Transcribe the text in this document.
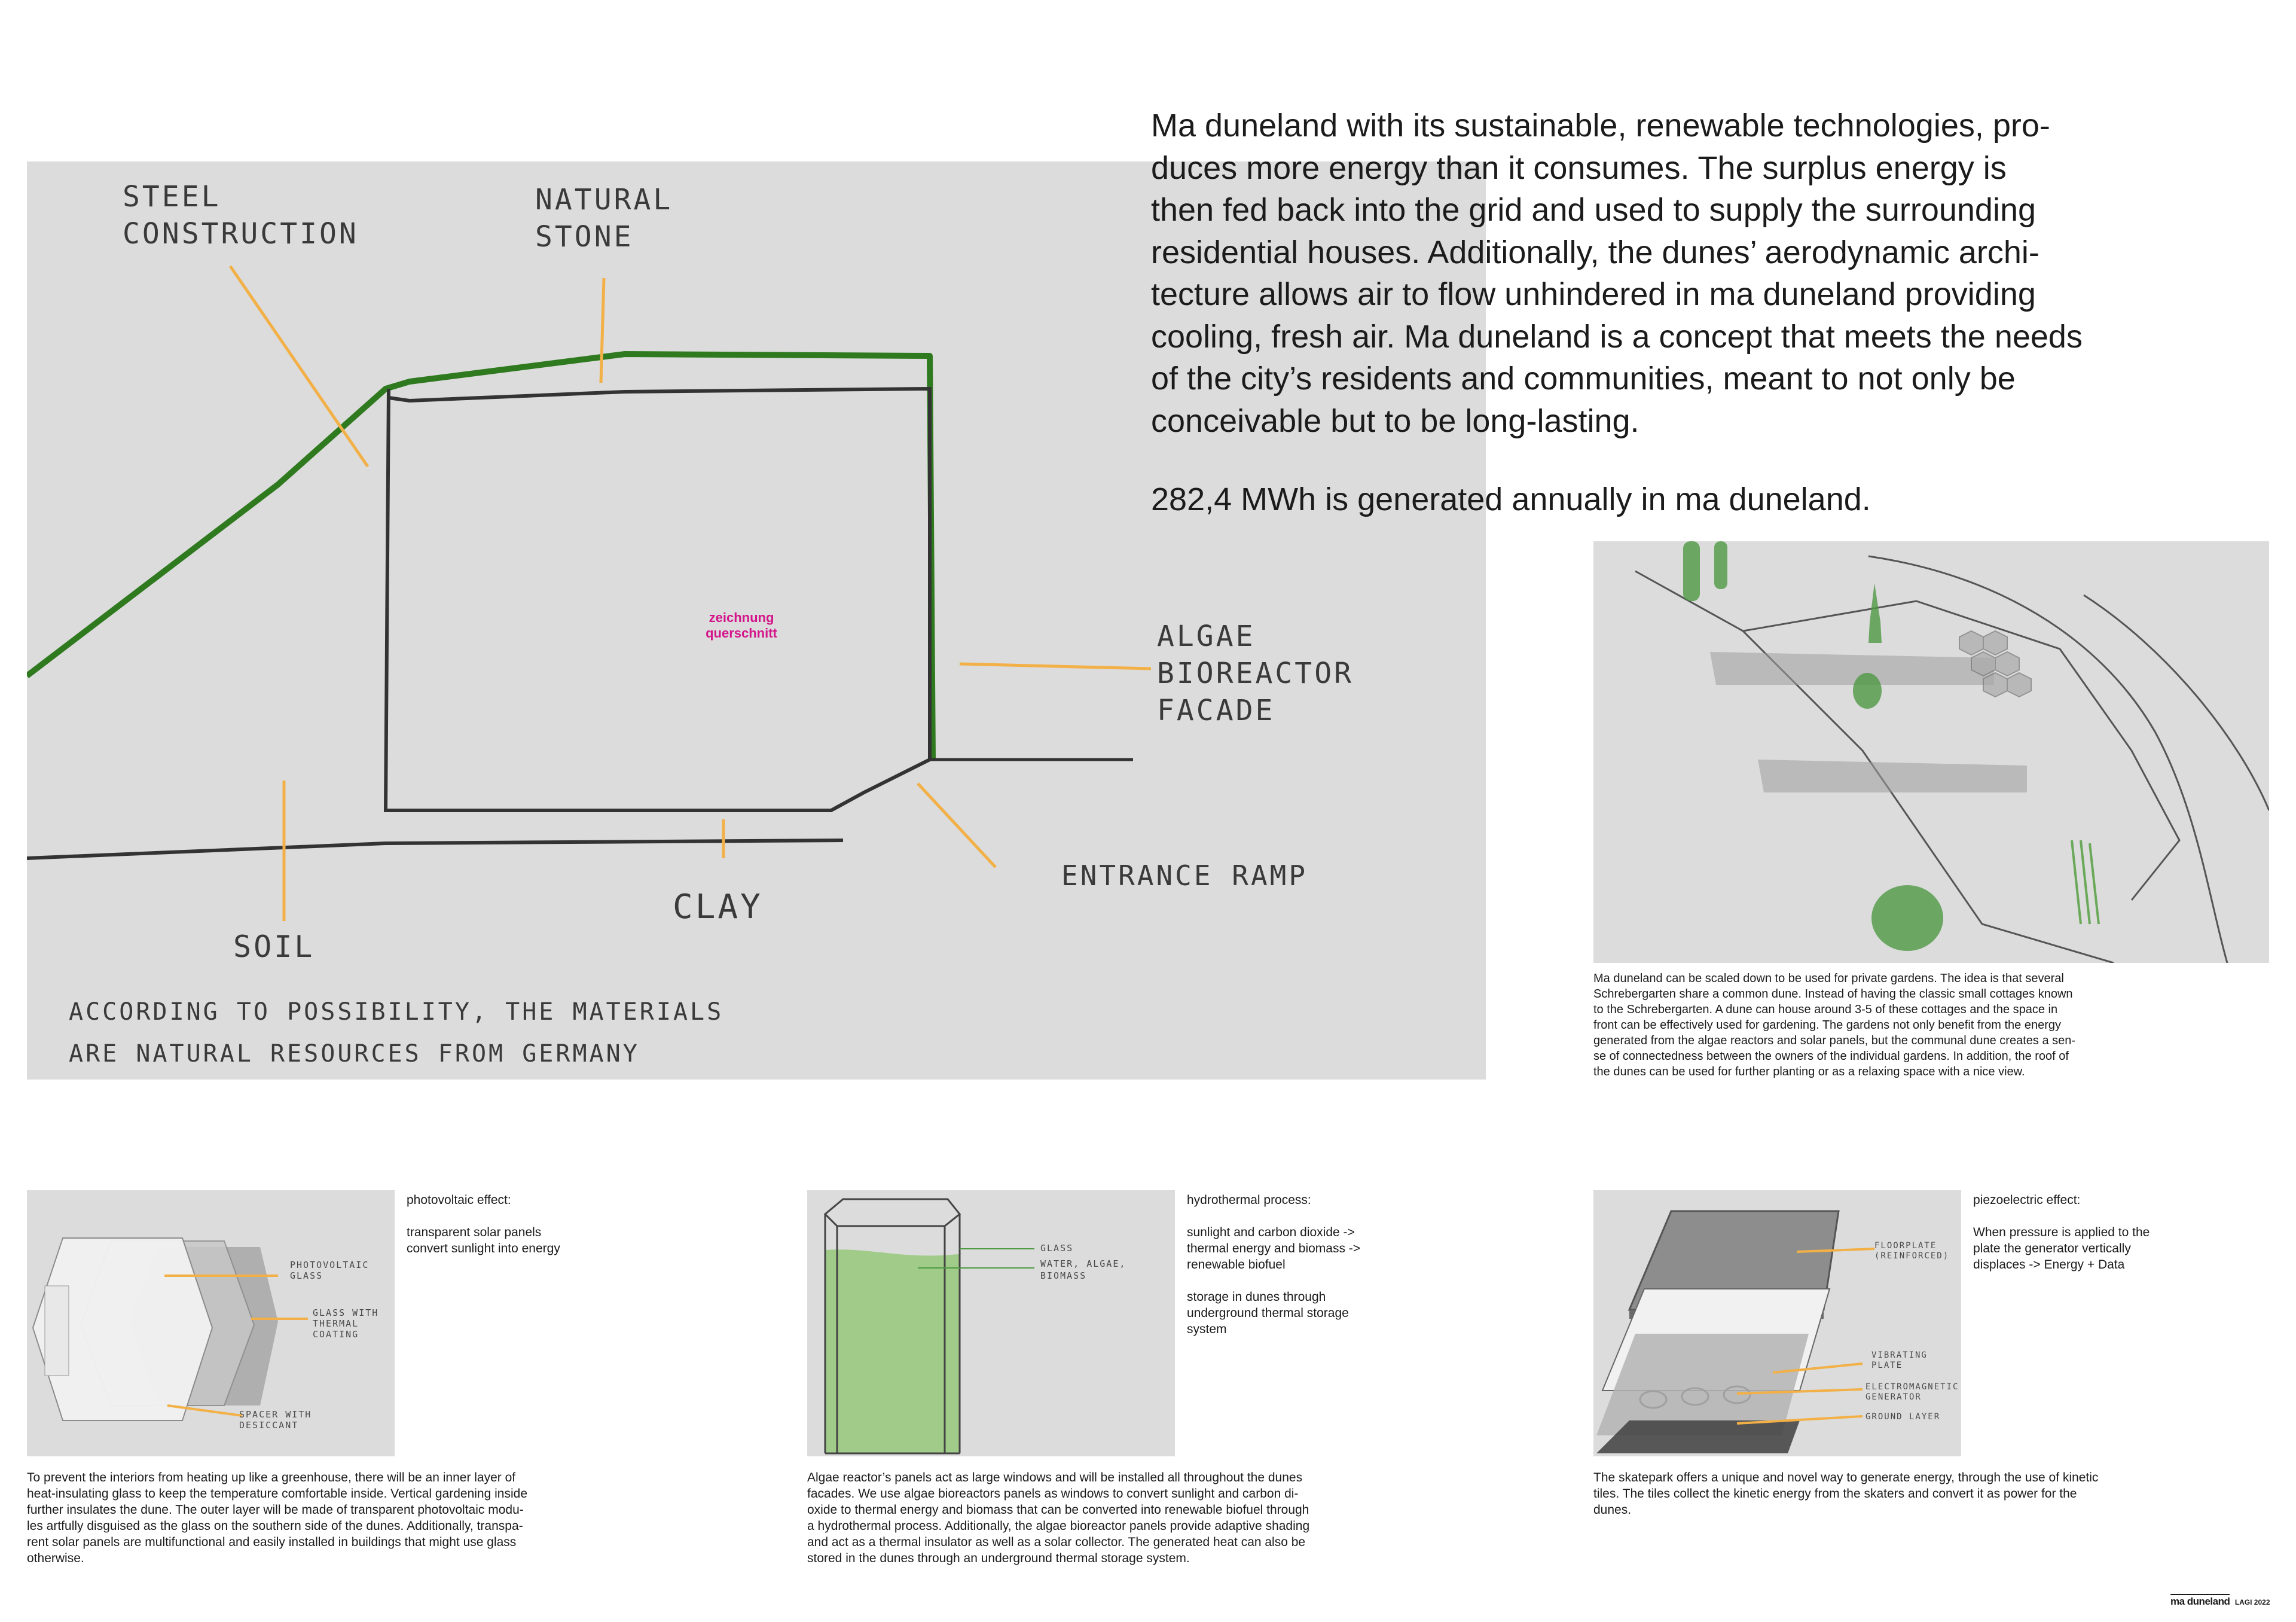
STEEL CONSTRUCTION
NATURAL STONE
ALGAE BIOREACTOR FACADE
ENTRANCE RAMP
SOIL
CLAY
ACCORDING TO POSSIBILITY, THE MATERIALS
ARE NATURAL RESOURCES FROM GERMANY
zeichnung
querschnitt

Ma duneland with its sustainable, renewable technologies, pro-
duces more energy than it consumes. The surplus energy is
then fed back into the grid and used to supply the surrounding
residential houses. Additionally, the dunes’ aerodynamic archi-
tecture allows air to flow unhindered in ma duneland providing
cooling, fresh air. Ma duneland is a concept that meets the needs
of the city’s residents and communities, meant to not only be
conceivable but to be long-lasting.

282,4 MWh is generated annually in ma duneland.

Ma duneland can be scaled down to be used for private gardens. The idea is that several
Schrebergarten share a common dune. Instead of having the classic small cottages known
to the Schrebergarten. A dune can house around 3-5 of these cottages and the space in
front can be effectively used for gardening. The gardens not only benefit from the energy
generated from the algae reactors and solar panels, but the communal dune creates a sen-
se of connectedness between the owners of the individual gardens. In addition, the roof of
the dunes can be used for further planting or as a relaxing space with a nice view.

PHOTOVOLTAIC GLASS
GLASS WITH THERMAL COATING
SPACER WITH DESICCANT

photovoltaic effect:

transparent solar panels
convert sunlight into energy

To prevent the interiors from heating up like a greenhouse, there will be an inner layer of
heat-insulating glass to keep the temperature comfortable inside. Vertical gardening inside
further insulates the dune. The outer layer will be made of transparent photovoltaic modu-
les artfully disguised as the glass on the southern side of the dunes. Additionally, transpa-
rent solar panels are multifunctional and easily installed in buildings that might use glass
otherwise.

GLASS
WATER, ALGAE, BIOMASS

hydrothermal process:

sunlight and carbon dioxide ->
thermal energy and biomass ->
renewable biofuel

storage in dunes through
underground thermal storage
system

Algae reactor’s panels act as large windows and will be installed all throughout the dunes
facades. We use algae bioreactors panels as windows to convert sunlight and carbon di-
oxide to thermal energy and biomass that can be converted into renewable biofuel through
a hydrothermal process. Additionally, the algae bioreactor panels provide adaptive shading
and act as a thermal insulator as well as a solar collector. The generated heat can also be
stored in the dunes through an underground thermal storage system.

FLOORPLATE (REINFORCED)
VIBRATING PLATE
ELECTROMAGNETIC GENERATOR
GROUND LAYER

piezoelectric effect:

When pressure is applied to the
plate the generator vertically
displaces -> Energy + Data

The skatepark offers a unique and novel way to generate energy, through the use of kinetic
tiles. The tiles collect the kinetic energy from the skaters and convert it as power for the
dunes.

ma duneland LAGI 2022
